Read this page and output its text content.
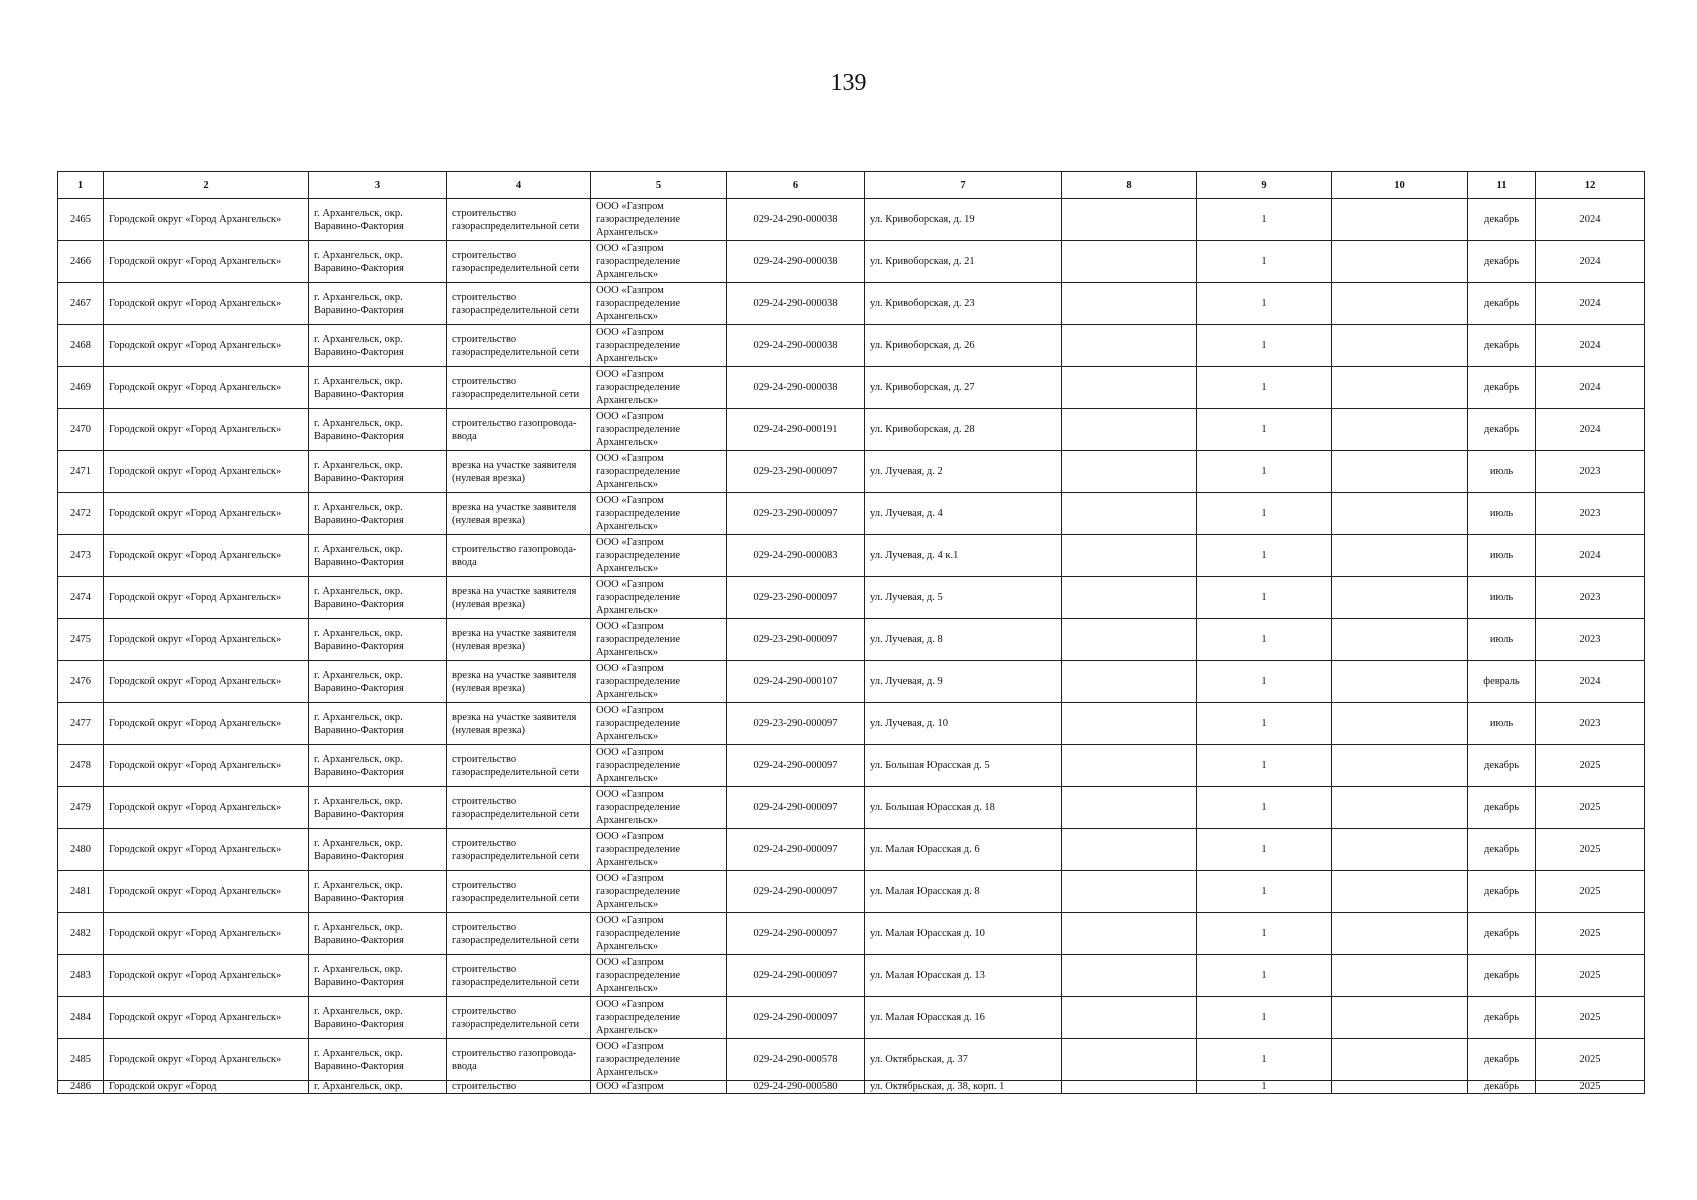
139
1	2	3	4	5	6	7	8	9	10	11	12
2465	Городской округ «Город Архангельск»	г. Архангельск, окр. Варавино-Фактория	строительство газораспределительной сети	ООО «Газпром газораспределение Архангельск»	029-24-290-000038	ул. Кривоборская, д. 19		1		декабрь	2024
2466	Городской округ «Город Архангельск»	г. Архангельск, окр. Варавино-Фактория	строительство газораспределительной сети	ООО «Газпром газораспределение Архангельск»	029-24-290-000038	ул. Кривоборская, д. 21		1		декабрь	2024
2467	Городской округ «Город Архангельск»	г. Архангельск, окр. Варавино-Фактория	строительство газораспределительной сети	ООО «Газпром газораспределение Архангельск»	029-24-290-000038	ул. Кривоборская, д. 23		1		декабрь	2024
2468	Городской округ «Город Архангельск»	г. Архангельск, окр. Варавино-Фактория	строительство газораспределительной сети	ООО «Газпром газораспределение Архангельск»	029-24-290-000038	ул. Кривоборская, д. 26		1		декабрь	2024
2469	Городской округ «Город Архангельск»	г. Архангельск, окр. Варавино-Фактория	строительство газораспределительной сети	ООО «Газпром газораспределение Архангельск»	029-24-290-000038	ул. Кривоборская, д. 27		1		декабрь	2024
2470	Городской округ «Город Архангельск»	г. Архангельск, окр. Варавино-Фактория	строительство газопровода-ввода	ООО «Газпром газораспределение Архангельск»	029-24-290-000191	ул. Кривоборская, д. 28		1		декабрь	2024
2471	Городской округ «Город Архангельск»	г. Архангельск, окр. Варавино-Фактория	врезка на участке заявителя (нулевая врезка)	ООО «Газпром газораспределение Архангельск»	029-23-290-000097	ул. Лучевая, д. 2		1		июль	2023
2472	Городской округ «Город Архангельск»	г. Архангельск, окр. Варавино-Фактория	врезка на участке заявителя (нулевая врезка)	ООО «Газпром газораспределение Архангельск»	029-23-290-000097	ул. Лучевая, д. 4		1		июль	2023
2473	Городской округ «Город Архангельск»	г. Архангельск, окр. Варавино-Фактория	строительство газопровода-ввода	ООО «Газпром газораспределение Архангельск»	029-24-290-000083	ул. Лучевая, д. 4 к.1		1		июль	2024
2474	Городской округ «Город Архангельск»	г. Архангельск, окр. Варавино-Фактория	врезка на участке заявителя (нулевая врезка)	ООО «Газпром газораспределение Архангельск»	029-23-290-000097	ул. Лучевая, д. 5		1		июль	2023
2475	Городской округ «Город Архангельск»	г. Архангельск, окр. Варавино-Фактория	врезка на участке заявителя (нулевая врезка)	ООО «Газпром газораспределение Архангельск»	029-23-290-000097	ул. Лучевая, д. 8		1		июль	2023
2476	Городской округ «Город Архангельск»	г. Архангельск, окр. Варавино-Фактория	врезка на участке заявителя (нулевая врезка)	ООО «Газпром газораспределение Архангельск»	029-24-290-000107	ул. Лучевая, д. 9		1		февраль	2024
2477	Городской округ «Город Архангельск»	г. Архангельск, окр. Варавино-Фактория	врезка на участке заявителя (нулевая врезка)	ООО «Газпром газораспределение Архангельск»	029-23-290-000097	ул. Лучевая, д. 10		1		июль	2023
2478	Городской округ «Город Архангельск»	г. Архангельск, окр. Варавино-Фактория	строительство газораспределительной сети	ООО «Газпром газораспределение Архангельск»	029-24-290-000097	ул. Большая Юрасская д. 5		1		декабрь	2025
2479	Городской округ «Город Архангельск»	г. Архангельск, окр. Варавино-Фактория	строительство газораспределительной сети	ООО «Газпром газораспределение Архангельск»	029-24-290-000097	ул. Большая Юрасская д. 18		1		декабрь	2025
2480	Городской округ «Город Архангельск»	г. Архангельск, окр. Варавино-Фактория	строительство газораспределительной сети	ООО «Газпром газораспределение Архангельск»	029-24-290-000097	ул. Малая Юрасская д. 6		1		декабрь	2025
2481	Городской округ «Город Архангельск»	г. Архангельск, окр. Варавино-Фактория	строительство газораспределительной сети	ООО «Газпром газораспределение Архангельск»	029-24-290-000097	ул. Малая Юрасская д. 8		1		декабрь	2025
2482	Городской округ «Город Архангельск»	г. Архангельск, окр. Варавино-Фактория	строительство газораспределительной сети	ООО «Газпром газораспределение Архангельск»	029-24-290-000097	ул. Малая Юрасская д. 10		1		декабрь	2025
2483	Городской округ «Город Архангельск»	г. Архангельск, окр. Варавино-Фактория	строительство газораспределительной сети	ООО «Газпром газораспределение Архангельск»	029-24-290-000097	ул. Малая Юрасская д. 13		1		декабрь	2025
2484	Городской округ «Город Архангельск»	г. Архангельск, окр. Варавино-Фактория	строительство газораспределительной сети	ООО «Газпром газораспределение Архангельск»	029-24-290-000097	ул. Малая Юрасская д. 16		1		декабрь	2025
2485	Городской округ «Город Архангельск»	г. Архангельск, окр. Варавино-Фактория	строительство газопровода-ввода	ООО «Газпром газораспределение Архангельск»	029-24-290-000578	ул. Октябрьская, д. 37		1		декабрь	2025

2486	Городской округ «Город	г. Архангельск, окр.	строительство	ООО «Газпром	029-24-290-000580	ул. Октябрьская, д. 38, корп. 1		1		декабрь	2025
